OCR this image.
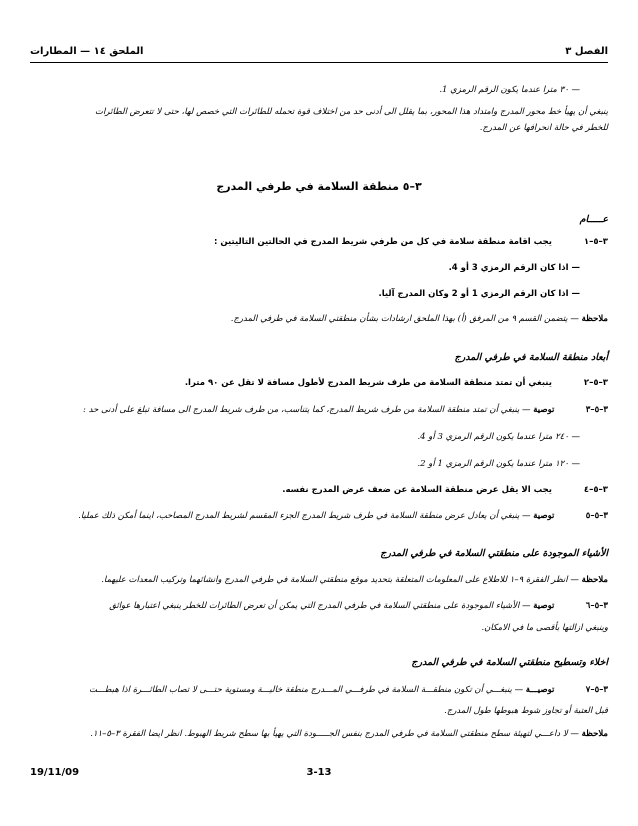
الفصل ٣
الملحق ١٤ — المطارات
— ٣٠ مترا عندما يكون الرقم الرمزي 1.
ينبغي أن يهيأ خط محور المدرج وامتداد هذا المحور، بما يقلل الى أدنى حد من اختلاف قوة تحمله للطائرات التي خصص لها، حتى لا تتعرض الطائرات
للخطر في حالة انحرافها عن المدرج.
٣–٥ منطقة السلامة في طرفي المدرج
عـــــام
٣–٥–١  يجب اقامة منطقة سلامة في كل من طرفي شريط المدرج في الحالتين التاليتين :
— اذا كان الرقم الرمزي 3 أو 4.
— اذا كان الرقم الرمزي 1 أو 2 وكان المدرج آليا.
ملاحظة — يتضمن القسم ٩ من المرفق (أ) بهذا الملحق ارشادات بشأن منطقتي السلامة في طرفي المدرج.
أبعاد منطقة السلامة في طرفي المدرج
٣–٥–٢  ينبغي أن تمتد منطقة السلامة من طرف شريط المدرج لأطول مسافة لا تقل عن ٩٠ مترا.
٣–٥–٣  توصية — ينبغي أن تمتد منطقة السلامة من طرف شريط المدرج، كما يتناسب، من طرف شريط المدرج الى مسافة تبلغ على أدنى حد :
— ٢٤٠ مترا عندما يكون الرقم الرمزي 3 أو 4.
— ١٢٠ مترا عندما يكون الرقم الرمزي 1 أو 2.
٣–٥–٤  يجب الا يقل عرض منطقة السلامة عن ضعف عرض المدرج نفسه.
٣–٥–٥  توصية — ينبغي أن يعادل عرض منطقة السلامة في طرف شريط المدرج الجزء المقسم لشريط المدرج المصاحب، اينما أمكن ذلك عمليا.
الأشياء الموجودة على منطقتي السلامة في طرفي المدرج
ملاحظة — انظر الفقرة ٩–١ للاطلاع على المعلومات المتعلقة بتحديد موقع منطقتي السلامة في طرفي المدرج وانشائهما وتركيب المعدات عليهما.
٣–٥–٦  توصية — الأشياء الموجودة على منطقتي السلامة في طرفي المدرج التي يمكن أن تعرض الطائرات للخطر ينبغي اعتبارها عوائق
وينبغي ازالتها بأقصى ما في الامكان.
اخلاء وتسطيح منطقتي السلامة في طرفي المدرج
٣–٥–٧  توصيـــة — ينبغـــي أن تكون منطقـــة السلامة في طرفـــي المـــدرج منطقة خاليـــة ومستوية حتـــى لا تصاب الطائـــرة اذا هبطـــت
قبل العتبة أو تجاوز شوط هبوطها طول المدرج.
ملاحظة — لا داعـــي لتهيئة سطح منطقتي السلامة في طرفي المدرج بنفس الجـــــودة التي يهيأ بها سطح شريط الهبوط. انظر ايضا الفقرة ٣–٥–١١.
3-13
19/11/09
